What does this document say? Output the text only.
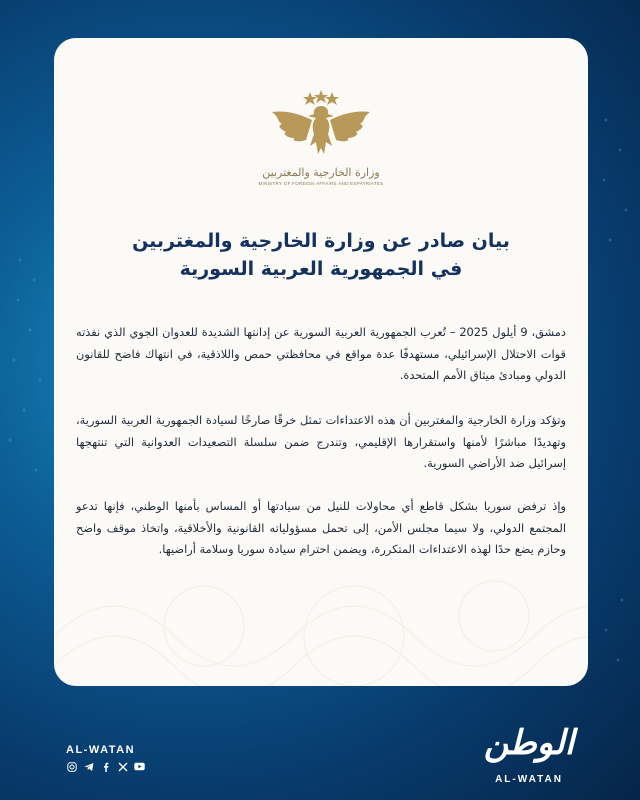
وزارة الخارجية والمغتربين
MINISTRY OF FOREIGN AFFAIRS AND EXPATRIATES
بيان صادر عن وزارة الخارجية والمغتربين
في الجمهورية العربية السورية

دمشق، 9 أيلول 2025 – تُعرب الجمهورية العربية السورية عن إدانتها الشديدة للعدوان الجوي الذي نفذته قوات الاحتلال الإسرائيلي، مستهدفًا عدة مواقع في محافظتي حمص واللاذقية، في انتهاك فاضح للقانون الدولي ومبادئ ميثاق الأمم المتحدة.

وتؤكد وزارة الخارجية والمغتربين أن هذه الاعتداءات تمثل خرقًا صارخًا لسيادة الجمهورية العربية السورية، وتهديدًا مباشرًا لأمنها واستقرارها الإقليمي، وتندرج ضمن سلسلة التصعيدات العدوانية التي تنتهجها إسرائيل ضد الأراضي السورية.

وإذ ترفض سوريا بشكل قاطع أي محاولات للنيل من سيادتها أو المساس بأمنها الوطني، فإنها تدعو المجتمع الدولي، ولا سيما مجلس الأمن، إلى تحمل مسؤولياته القانونية والأخلاقية، واتخاذ موقف واضح وحازم يضع حدًا لهذه الاعتداءات المتكررة، ويضمن احترام سيادة سوريا وسلامة أراضيها.

AL-WATAN	الوطن
AL-WATAN
